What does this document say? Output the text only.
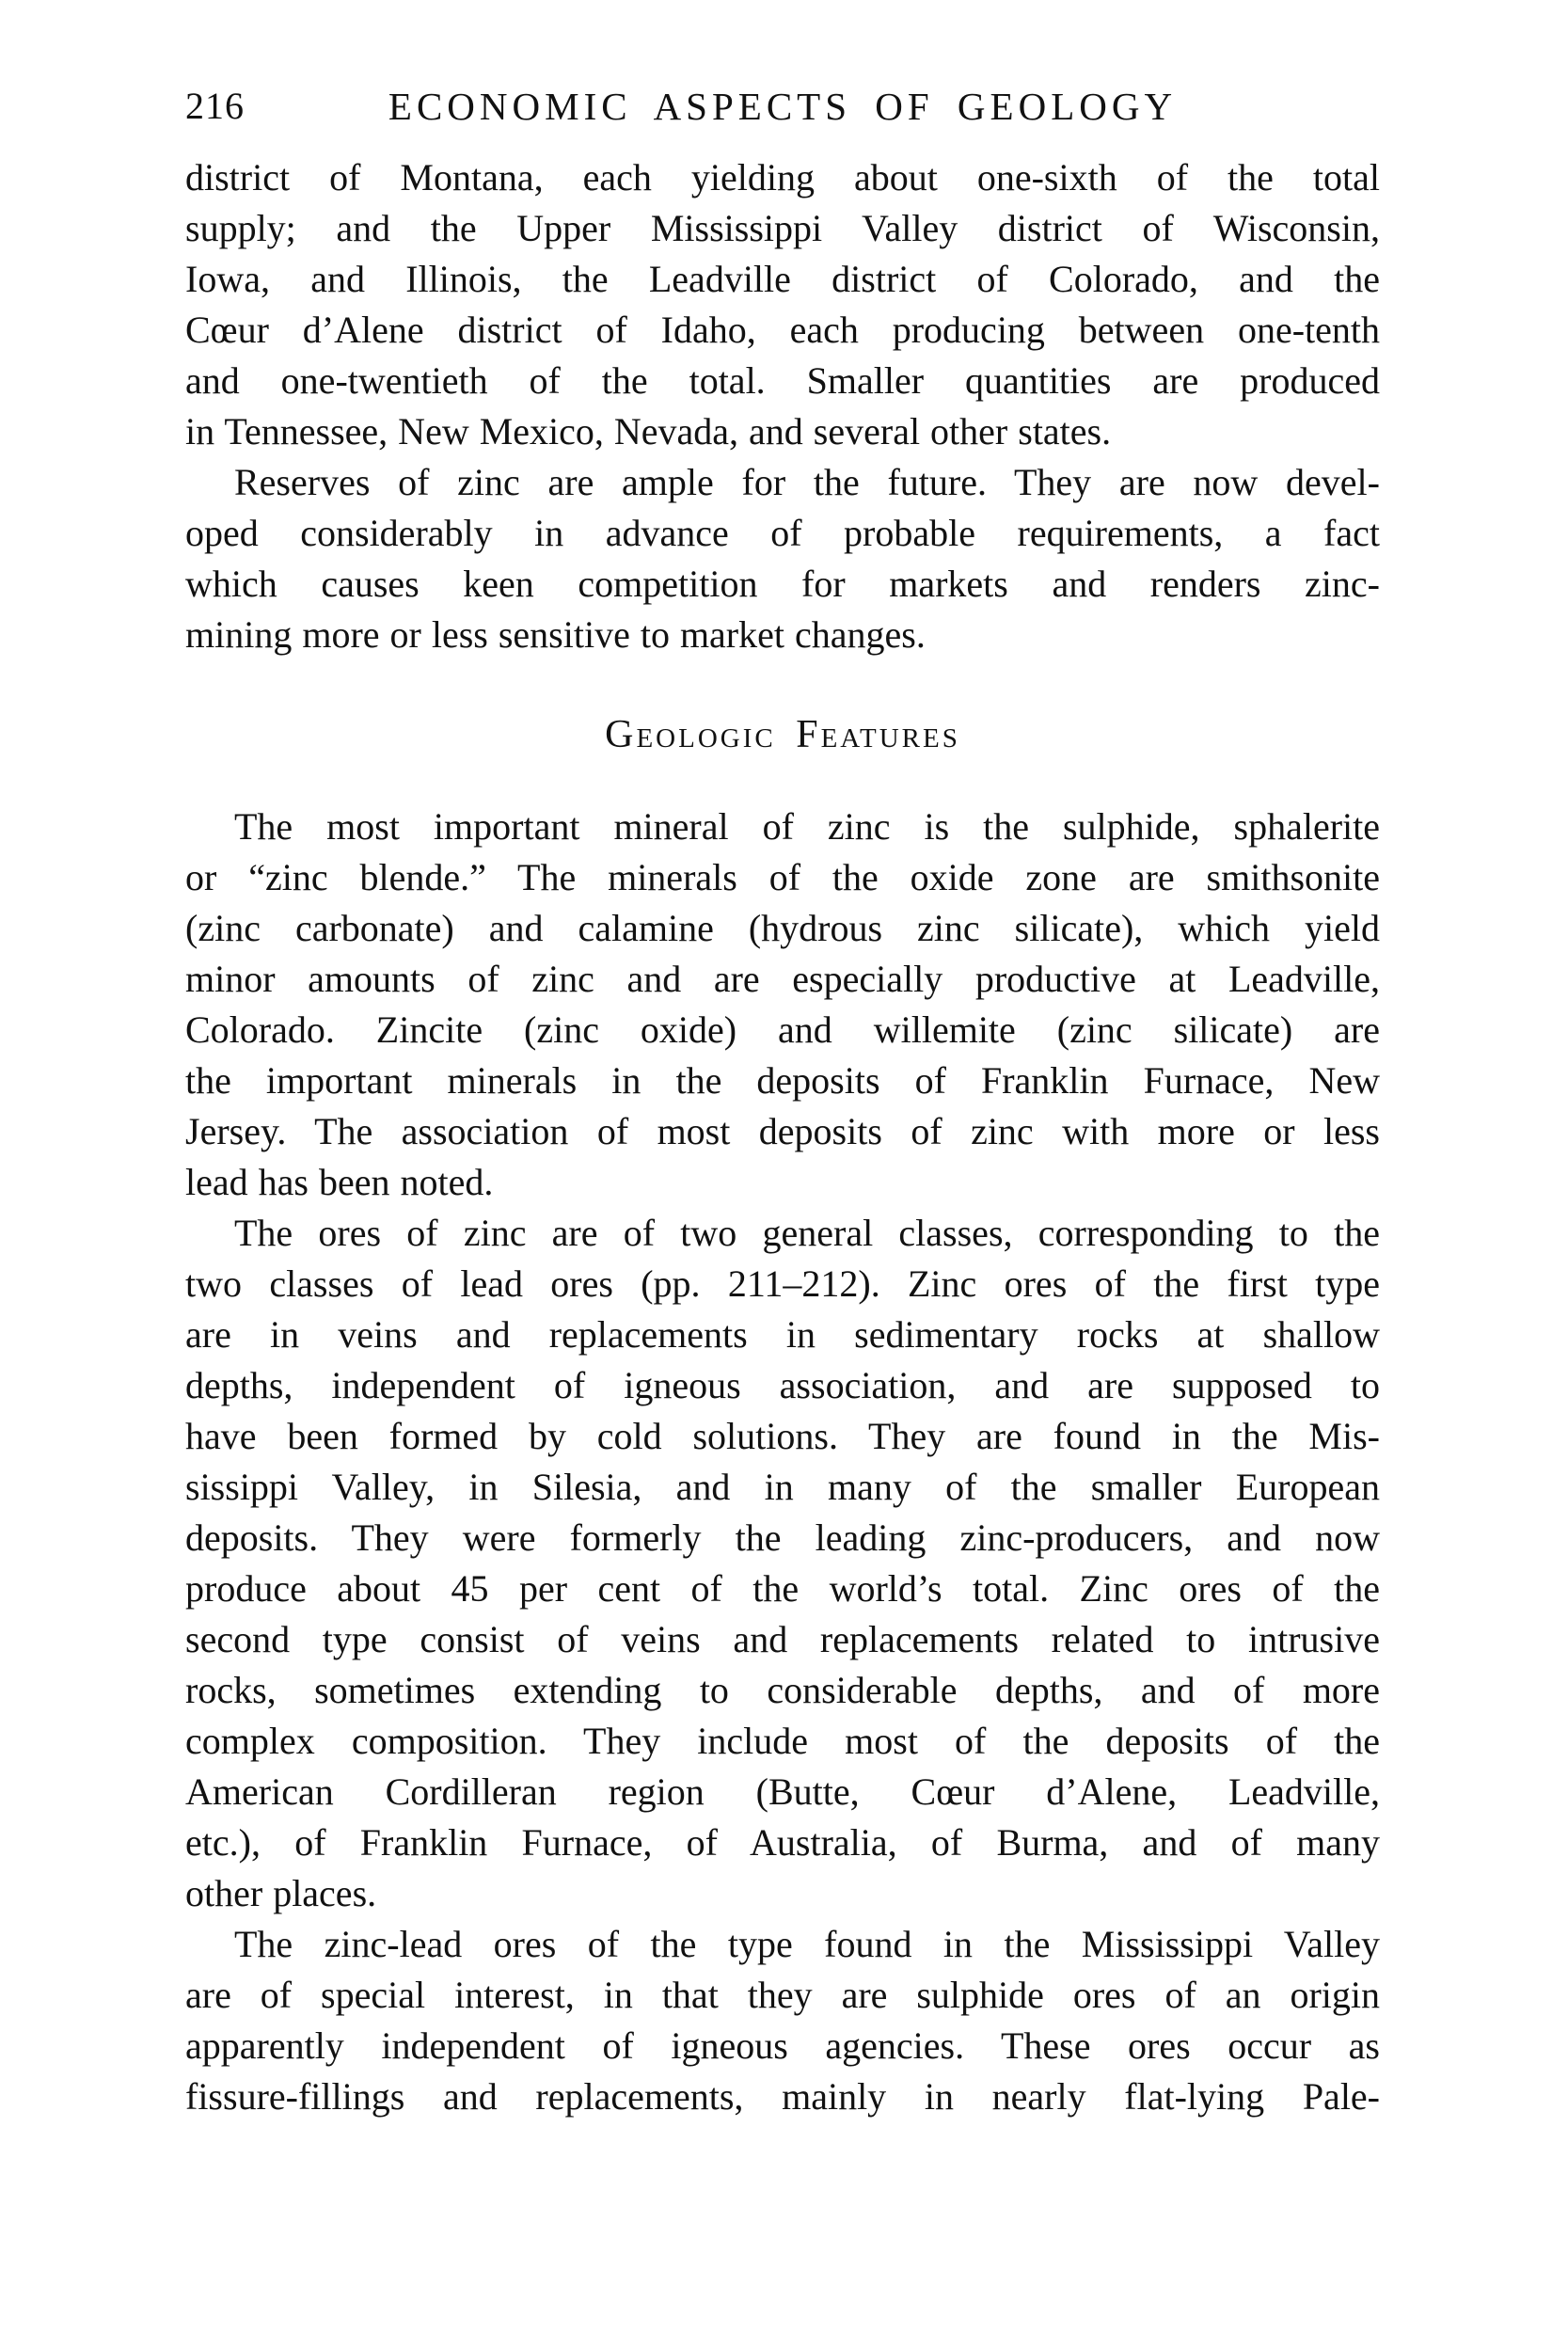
216	ECONOMIC ASPECTS OF GEOLOGY
district of Montana, each yielding about one-sixth of the total
supply; and the Upper Mississippi Valley district of Wisconsin,
Iowa, and Illinois, the Leadville district of Colorado, and the
Cœur d’Alene district of Idaho, each producing between one-tenth
and one-twentieth of the total. Smaller quantities are produced
in Tennessee, New Mexico, Nevada, and several other states.
Reserves of zinc are ample for the future. They are now devel-
oped considerably in advance of probable requirements, a fact
which causes keen competition for markets and renders zinc-
mining more or less sensitive to market changes.
Geologic Features
The most important mineral of zinc is the sulphide, sphalerite
or “zinc blende.” The minerals of the oxide zone are smithsonite
(zinc carbonate) and calamine (hydrous zinc silicate), which yield
minor amounts of zinc and are especially productive at Leadville,
Colorado. Zincite (zinc oxide) and willemite (zinc silicate) are
the important minerals in the deposits of Franklin Furnace, New
Jersey. The association of most deposits of zinc with more or less
lead has been noted.
The ores of zinc are of two general classes, corresponding to the
two classes of lead ores (pp. 211–212). Zinc ores of the first type
are in veins and replacements in sedimentary rocks at shallow
depths, independent of igneous association, and are supposed to
have been formed by cold solutions. They are found in the Mis-
sissippi Valley, in Silesia, and in many of the smaller European
deposits. They were formerly the leading zinc-producers, and now
produce about 45 per cent of the world’s total. Zinc ores of the
second type consist of veins and replacements related to intrusive
rocks, sometimes extending to considerable depths, and of more
complex composition. They include most of the deposits of the
American Cordilleran region (Butte, Cœur d’Alene, Leadville,
etc.), of Franklin Furnace, of Australia, of Burma, and of many
other places.
The zinc-lead ores of the type found in the Mississippi Valley
are of special interest, in that they are sulphide ores of an origin
apparently independent of igneous agencies. These ores occur as
fissure-fillings and replacements, mainly in nearly flat-lying Pale-
